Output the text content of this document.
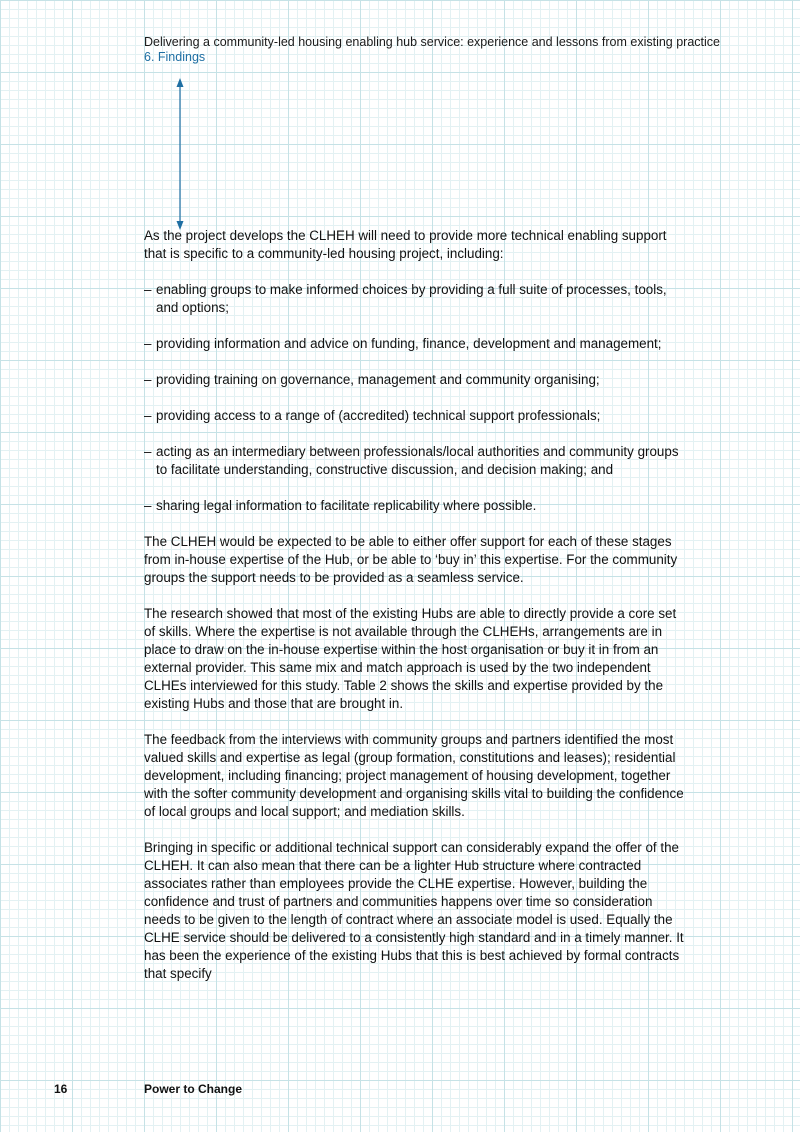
Delivering a community-led housing enabling hub service: experience and lessons from existing practice
6. Findings

As the project develops the CLHEH will need to provide more technical enabling support that is specific to a community-led housing project, including:

– enabling groups to make informed choices by providing a full suite of processes, tools, and options;
– providing information and advice on funding, finance, development and management;
– providing training on governance, management and community organising;
– providing access to a range of (accredited) technical support professionals;
– acting as an intermediary between professionals/local authorities and community groups to facilitate understanding, constructive discussion, and decision making; and
– sharing legal information to facilitate replicability where possible.

The CLHEH would be expected to be able to either offer support for each of these stages from in-house expertise of the Hub, or be able to ‘buy in’ this expertise. For the community groups the support needs to be provided as a seamless service.

The research showed that most of the existing Hubs are able to directly provide a core set of skills. Where the expertise is not available through the CLHEHs, arrangements are in place to draw on the in-house expertise within the host organisation or buy it in from an external provider. This same mix and match approach is used by the two independent CLHEs interviewed for this study. Table 2 shows the skills and expertise provided by the existing Hubs and those that are brought in.

The feedback from the interviews with community groups and partners identified the most valued skills and expertise as legal (group formation, constitutions and leases); residential development, including financing; project management of housing development, together with the softer community development and organising skills vital to building the confidence of local groups and local support; and mediation skills.

Bringing in specific or additional technical support can considerably expand the offer of the CLHEH. It can also mean that there can be a lighter Hub structure where contracted associates rather than employees provide the CLHE expertise. However, building the confidence and trust of partners and communities happens over time so consideration needs to be given to the length of contract where an associate model is used. Equally the CLHE service should be delivered to a consistently high standard and in a timely manner. It has been the experience of the existing Hubs that this is best achieved by formal contracts that specify

16	Power to Change
